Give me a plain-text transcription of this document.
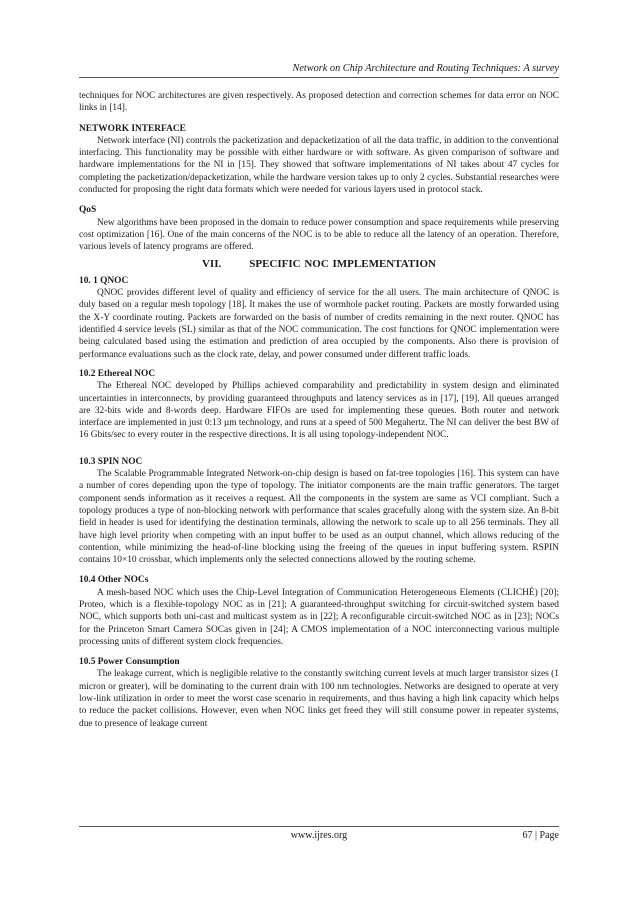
Network on Chip Architecture and Routing Techniques: A survey

techniques for NOC architectures are given respectively. As proposed detection and correction schemes for data error on NOC links in [14].

NETWORK INTERFACE

Network interface (NI) controls the packetization and depacketization of all the data traffic, in addition to the conventional interfacing. This functionality may be possible with either hardware or with software. As given comparison of software and hardware implementations for the NI in [15]. They showed that software implementations of NI takes about 47 cycles for completing the packetization/depacketization, while the hardware version takes up to only 2 cycles. Substantial researches were conducted for proposing the right data formats which were needed for various layers used in protocol stack.

QoS

New algorithms have been proposed in the domain to reduce power consumption and space requirements while preserving cost optimization [16]. One of the main concerns of the NOC is to be able to reduce all the latency of an operation. Therefore, various levels of latency programs are offered.

VII.	SPECIFIC NOC IMPLEMENTATION

10. 1 QNOC

QNOC provides different level of quality and efficiency of service for the all users. The main architecture of QNOC is duly based on a regular mesh topology [18]. It makes the use of wormhole packet routing. Packets are mostly forwarded using the X-Y coordinate routing. Packets are forwarded on the basis of number of credits remaining in the next router. QNOC has identified 4 service levels (SL) similar as that of the NOC communication. The cost functions for QNOC implementation were being calculated based using the estimation and prediction of area occupied by the components. Also there is provision of performance evaluations such as the clock rate, delay, and power consumed under different traffic loads.

10.2 Ethereal NOC

The Ethereal NOC developed by Phillips achieved comparability and predictability in system design and eliminated uncertainties in interconnects, by providing guaranteed throughputs and latency services as in [17], [19]. All queues arranged are 32-bits wide and 8-words deep. Hardware FIFOs are used for implementing these queues. Both router and network interface are implemented in just 0:13 µm technology, and runs at a speed of 500 Megahertz. The NI can deliver the best BW of 16 Gbits/sec to every router in the respective directions. It is all using topology-independent NOC.

10.3 SPIN NOC

The Scalable Programmable Integrated Network-on-chip design is based on fat-tree topologies [16]. This system can have a number of cores depending upon the type of topology. The initiator components are the main traffic generators. The target component sends information as it receives a request. All the components in the system are same as VCI compliant. Such a topology produces a type of non-blocking network with performance that scales gracefully along with the system size. An 8-bit field in header is used for identifying the destination terminals, allowing the network to scale up to all 256 terminals. They all have high level priority when competing with an input buffer to be used as an output channel, which allows reducing of the contention, while minimizing the head-of-line blocking using the freeing of the queues in input buffering system. RSPIN contains 10×10 crossbar, which implements only the selected connections allowed by the routing scheme.

10.4 Other NOCs

A mesh-based NOC which uses the Chip-Level Integration of Communication Heterogeneous Elements (CLICHÉ) [20]; Proteo, which is a flexible-topology NOC as in [21]; A guaranteed-throughput switching for circuit-switched system based NOC, which supports both uni-cast and multicast system as in [22]; A reconfigurable circuit-switched NOC as in [23]; NOCs for the Princeton Smart Camera SOCas given in [24]; A CMOS implementation of a NOC interconnecting various multiple processing units of different system clock frequencies.

10.5 Power Consumption

The leakage current, which is negligible relative to the constantly switching current levels at much larger transistor sizes (1 micron or greater), will be dominating to the current drain with 100 nm technologies. Networks are designed to operate at very low-link utilization in order to meet the worst case scenario in requirements, and thus having a high link capacity which helps to reduce the packet collisions. However, even when NOC links get freed they will still consume power in repeater systems, due to presence of leakage current

www.ijres.org	67 | Page
